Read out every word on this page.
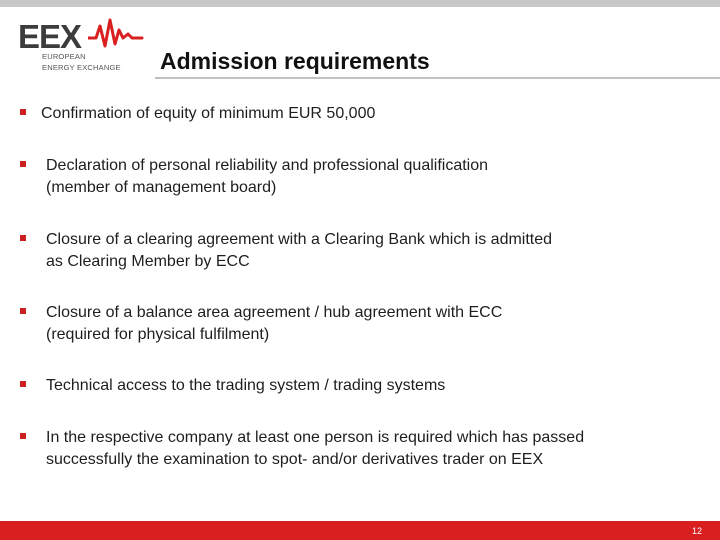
EEX
EUROPEAN
ENERGY EXCHANGE Admission requirements
Confirmation of equity of minimum EUR 50,000
Declaration of personal reliability and professional qualification
(member of management board)
Closure of a clearing agreement with a Clearing Bank which is admitted
as Clearing Member by ECC
Closure of a balance area agreement / hub agreement with ECC
(required for physical fulfilment)
Technical access to the trading system / trading systems
In the respective company at least one person is required which has passed
successfully the examination to spot- and/or derivatives trader on EEX
12
